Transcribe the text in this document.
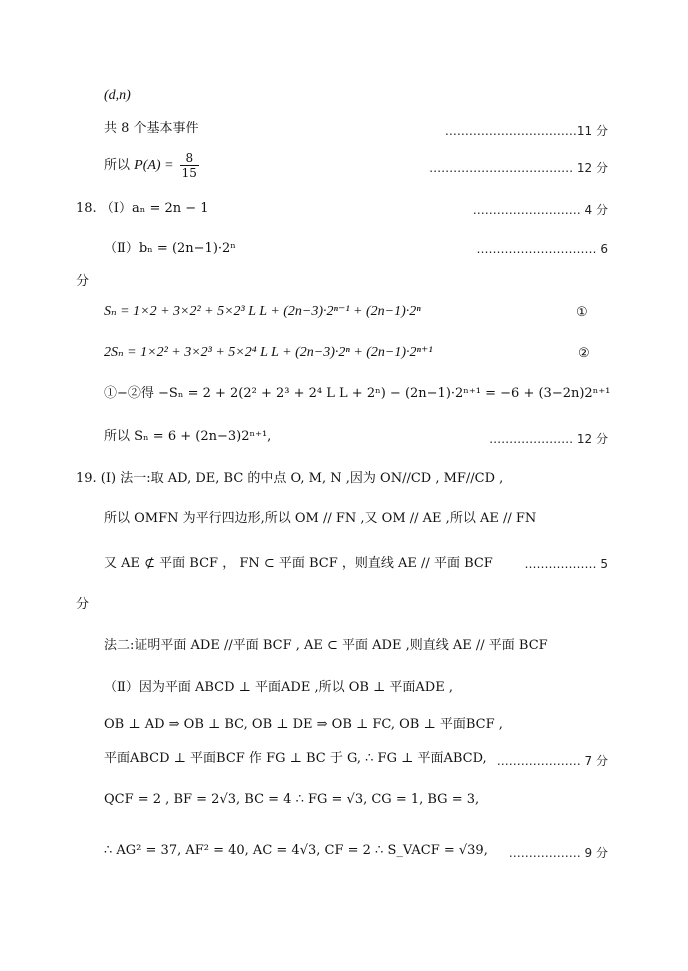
(d,n)
共 8 个基本事件	……………………………11 分
所以 $P(A) = \frac{8}{15}$	……………………………… 12 分
18. （Ⅰ）aₙ = 2n − 1	……………………… 4 分
（Ⅱ）bₙ = (2n−1)·2ⁿ	………………………… 6
分
Sₙ = 1×2 + 3×2² + 5×2³ L L + (2n−3)·2ⁿ⁻¹ + (2n−1)·2ⁿ	①
2Sₙ = 1×2² + 3×2³ + 5×2⁴ L L + (2n−3)·2ⁿ + (2n−1)·2ⁿ⁺¹	②
①−②得 −Sₙ = 2 + 2(2² + 2³ + 2⁴ L L + 2ⁿ) − (2n−1)·2ⁿ⁺¹ = −6 + (3−2n)2ⁿ⁺¹
所以 Sₙ = 6 + (2n−3)2ⁿ⁺¹,	………………… 12 分
19. (Ⅰ) 法一:取 AD, DE, BC 的中点 O, M, N ,因为 ON//CD , MF//CD ,
所以 OMFN 为平行四边形,所以 OM // FN ,又 OM // AE ,所以 AE // FN
又 AE ⊄ 平面 BCF ， FN ⊂ 平面 BCF ，则直线 AE // 平面 BCF	……………… 5
分
法二:证明平面 ADE //平面 BCF , AE ⊂ 平面 ADE ,则直线 AE // 平面 BCF
（Ⅱ）因为平面 ABCD ⊥ 平面ADE ,所以 OB ⊥ 平面ADE ,
OB ⊥ AD ⇒ OB ⊥ BC, OB ⊥ DE ⇒ OB ⊥ FC, OB ⊥ 平面BCF ,
平面ABCD ⊥ 平面BCF 作 FG ⊥ BC 于 G, ∴ FG ⊥ 平面ABCD, ………………… 7 分
QCF = 2 , BF = 2√3, BC = 4 ∴ FG = √3, CG = 1, BG = 3,
∴ AG² = 37, AF² = 40, AC = 4√3, CF = 2 ∴ S_VACF = √39, ……………… 9 分
